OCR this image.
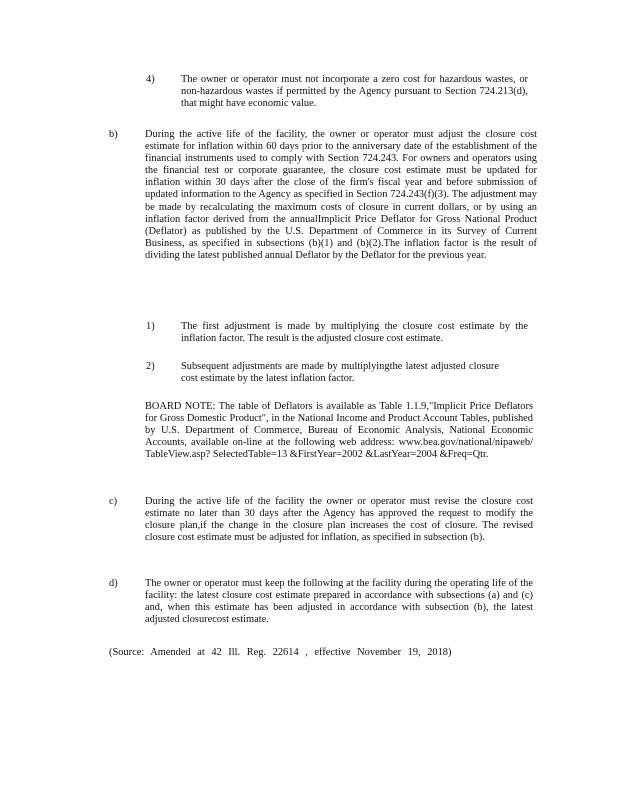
4)	The owner or operator must not incorporate a zero cost for hazardous wastes, or non-hazardous wastes if permitted by the Agency pursuant to Section 724.213(d), that might have economic value.
b)	During the active life of the facility, the owner or operator must adjust the closure cost estimate for inflation within 60 days prior to the anniversary date of the establishment of the financial instruments used to comply with Section 724.243. For owners and operators using the financial test or corporate guarantee, the closure cost estimate must be updated for inflation within 30 days after the close of the firm's fiscal year and before submission of updated information to the Agency as specified in Section 724.243(f)(3). The adjustment may be made by recalculating the maximum costs of closure in current dollars, or by using an inflation factor derived from the annualImplicit Price Deflator for Gross National Product (Deflator) as published by the U.S. Department of Commerce in its Survey of Current Business, as specified in subsections (b)(1) and (b)(2).The inflation factor is the result of dividing the latest published annual Deflator by the Deflator for the previous year.
1)	The first adjustment is made by multiplying the closure cost estimate by the inflation factor. The result is the adjusted closure cost estimate.
2)	Subsequent adjustments are made by multiplyingthe latest adjusted closure cost estimate by the latest inflation factor.
BOARD NOTE: The table of Deflators is available as Table 1.1.9,"Implicit Price Deflators for Gross Domestic Product", in the National Income and Product Account Tables, published by U.S. Department of Commerce, Bureau of Economic Analysis, National Economic Accounts, available on-line at the following web address: www.bea.gov/national/nipaweb/ TableView.asp? SelectedTable=13 &FirstYear=2002 &LastYear=2004 &Freq=Qtr.
c)	During the active life of the facility the owner or operator must revise the closure cost estimate no later than 30 days after the Agency has approved the request to modify the closure plan,if the change in the closure plan increases the cost of closure. The revised closure cost estimate must be adjusted for inflation, as specified in subsection (b).
d)	The owner or operator must keep the following at the facility during the operating life of the facility: the latest closure cost estimate prepared in accordance with subsections (a) and (c) and, when this estimate has been adjusted in accordance with subsection (b), the latest adjusted closurecost estimate.
(Source: Amended at 42 Ill. Reg. 22614 , effective November 19, 2018)
